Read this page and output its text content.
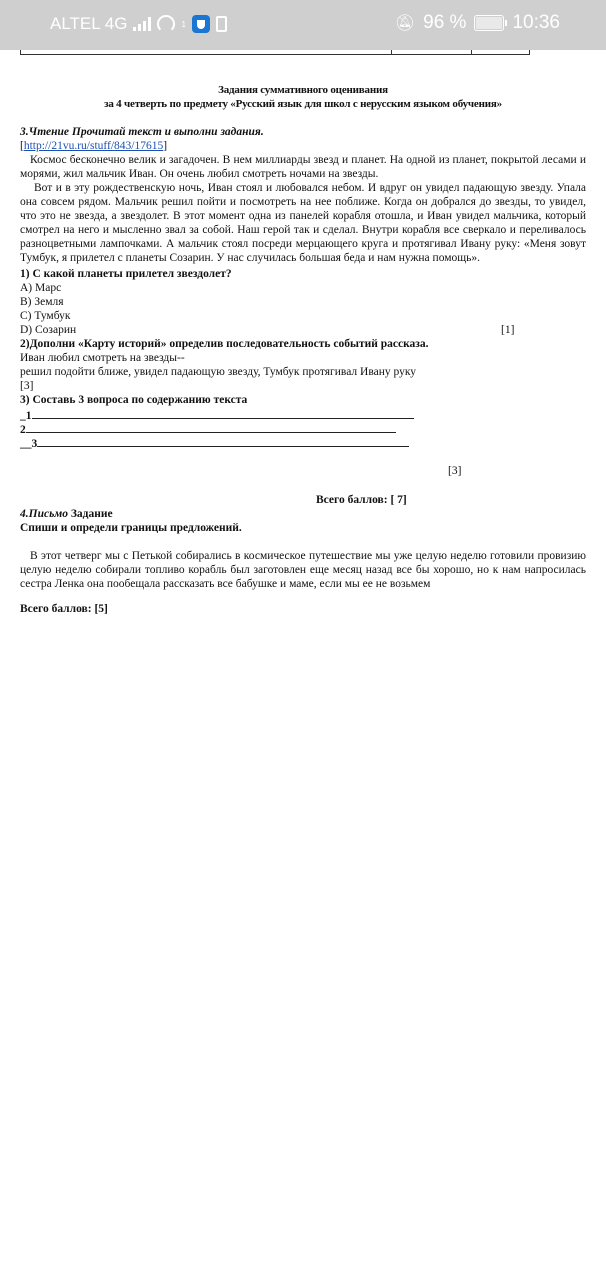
ALTEL 4G	1	🔕︎ 96 % 10:36
Задания суммативного оценивания
за 4 четверть по предмету «Русский язык для школ с нерусским языком обучения»
3.Чтение Прочитай текст и выполни задания.
[http://21vu.ru/stuff/843/17615]

Космос бесконечно велик и загадочен. В нем миллиарды звезд и планет. На одной из планет, покрытой лесами и морями, жил мальчик Иван. Он очень любил смотреть ночами на звезды.

Вот и в эту рождественскую ночь, Иван стоял и любовался небом. И вдруг он увидел падающую звезду. Упала она совсем рядом. Мальчик решил пойти и посмотреть на нее поближе. Когда он добрался до звезды, то увидел, что это не звезда, а звездолет. В этот момент одна из панелей корабля отошла, и Иван увидел мальчика, который смотрел на него и мысленно звал за собой. Наш герой так и сделал. Внутри корабля все сверкало и переливалось разноцветными лампочками. А мальчик стоял посреди мерцающего круга и протягивал Ивану руку: «Меня зовут Тумбук, я прилетел с планеты Созарин. У нас случилась большая беда и нам нужна помощь».

1) С какой планеты прилетел звездолет?
А) Марс
В) Земля
С) Тумбук
D) Созарин	[1]
2)Дополни «Карту историй» определив последовательность событий рассказа.
Иван любил смотреть на звезды--
решил подойти ближе, увидел падающую звезду, Тумбук протягивал Ивану руку
[3]
3) Составь 3 вопроса по содержанию текста
_1
2
__3
[3]
Всего баллов: [ 7]
4.Письмо Задание
Спиши и определи границы предложений.

В этот четверг мы с Петькой собирались в космическое путешествие мы уже целую неделю готовили провизию целую неделю собирали топливо корабль был заготовлен еще месяц назад все бы хорошо, но к нам напросилась сестра Ленка она пообещала рассказать все бабушке и маме, если мы ее не возьмем

Всего баллов: [5]
